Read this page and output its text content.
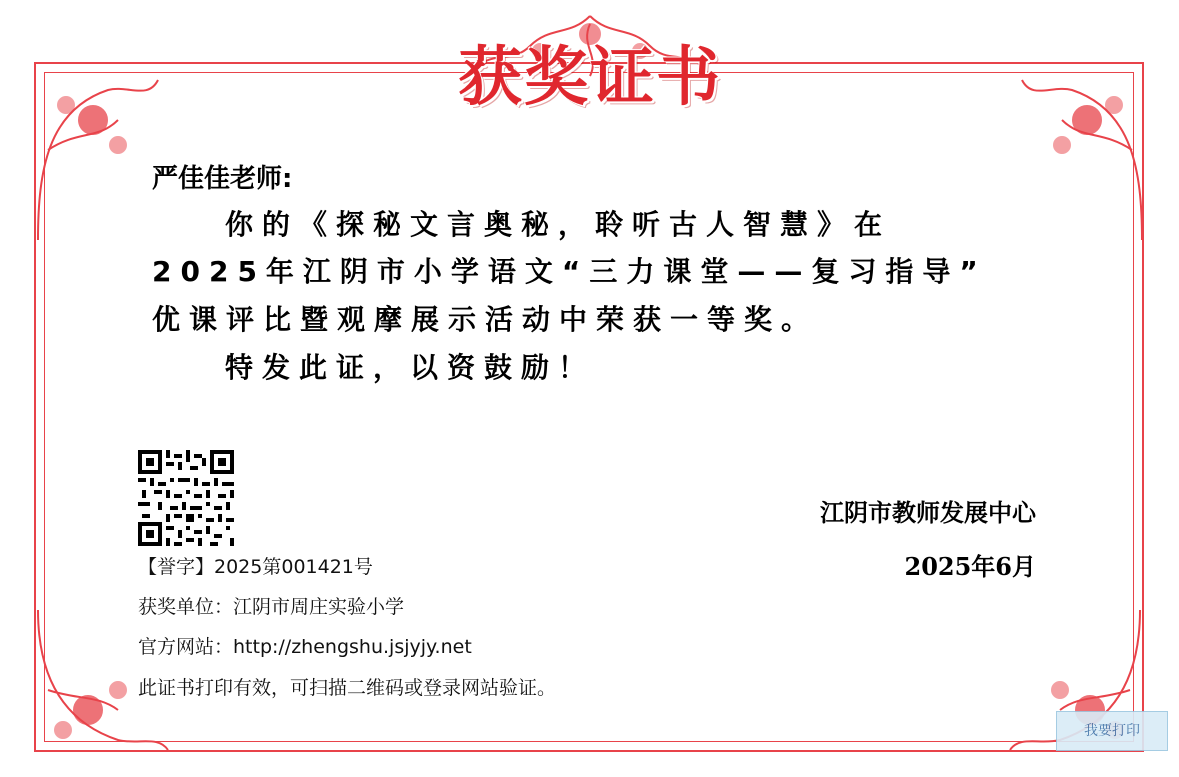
获奖证书
严佳佳老师:
你的《探秘文言奥秘，聆听古人智慧》在
2025年江阴市小学语文“三力课堂——复习指导”
优课评比暨观摩展示活动中荣获一等奖。
特发此证，以资鼓励！
【誉字】2025第001421号
获奖单位：江阴市周庄实验小学
官方网站：http://zhengshu.jsjyjy.net
此证书打印有效，可扫描二维码或登录网站验证。
江阴市教师发展中心
2025年6月
我要打印
